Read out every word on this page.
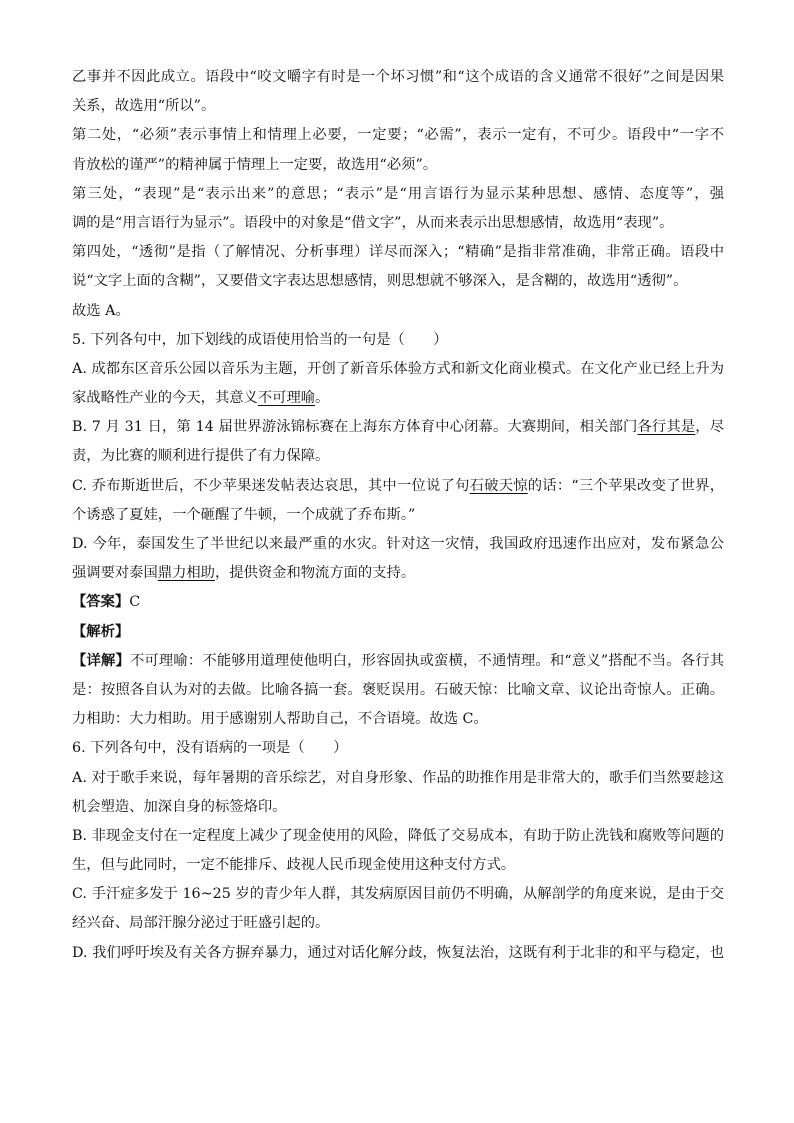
乙事并不因此成立。语段中“咬文嚼字有时是一个坏习惯”和“这个成语的含义通常不很好”之间是因果
关系，故选用“所以”。
第二处，“必须”表示事情上和情理上必要，一定要；“必需”，表示一定有，不可少。语段中“一字不
肯放松的谨严”的精神属于情理上一定要，故选用“必须”。
第三处，“表现”是“表示出来”的意思；“表示”是“用言语行为显示某种思想、感情、态度等”，强
调的是“用言语行为显示”。语段中的对象是“借文字”，从而来表示出思想感情，故选用“表现”。
第四处，“透彻”是指（了解情况、分析事理）详尽而深入；“精确”是指非常准确，非常正确。语段中
说“文字上面的含糊”，又要借文字表达思想感情，则思想就不够深入，是含糊的，故选用“透彻”。
故选 A。
5. 下列各句中，加下划线的成语使用恰当的一句是（　　）
A. 成都东区音乐公园以音乐为主题，开创了新音乐体验方式和新文化商业模式。在文化产业已经上升为
家战略性产业的今天，其意义不可理喻。
B. 7 月 31 日，第 14 届世界游泳锦标赛在上海东方体育中心闭幕。大赛期间，相关部门各行其是，尽
责，为比赛的顺利进行提供了有力保障。
C. 乔布斯逝世后，不少苹果迷发帖表达哀思，其中一位说了句石破天惊的话：“三个苹果改变了世界，
个诱惑了夏娃，一个砸醒了牛顿，一个成就了乔布斯。”
D. 今年，泰国发生了半世纪以来最严重的水灾。针对这一灾情，我国政府迅速作出应对，发布紧急公
强调要对泰国鼎力相助，提供资金和物流方面的支持。
【答案】C
【解析】
【详解】不可理喻：不能够用道理使他明白，形容固执或蛮横，不通情理。和“意义”搭配不当。各行其
是：按照各自认为对的去做。比喻各搞一套。褒贬误用。石破天惊：比喻文章、议论出奇惊人。正确。
力相助：大力相助。用于感谢别人帮助自己，不合语境。故选 C。
6. 下列各句中，没有语病的一项是（　　）
A. 对于歌手来说，每年暑期的音乐综艺，对自身形象、作品的助推作用是非常大的，歌手们当然要趁这
机会塑造、加深自身的标签烙印。
B. 非现金支付在一定程度上减少了现金使用的风险，降低了交易成本，有助于防止洗钱和腐败等问题的
生，但与此同时，一定不能排斥、歧视人民币现金使用这种支付方式。
C. 手汗症多发于 16~25 岁的青少年人群，其发病原因目前仍不明确，从解剖学的角度来说，是由于交
经兴奋、局部汗腺分泌过于旺盛引起的。
D. 我们呼吁埃及有关各方摒弃暴力，通过对话化解分歧，恢复法治，这既有利于北非的和平与稳定，也
